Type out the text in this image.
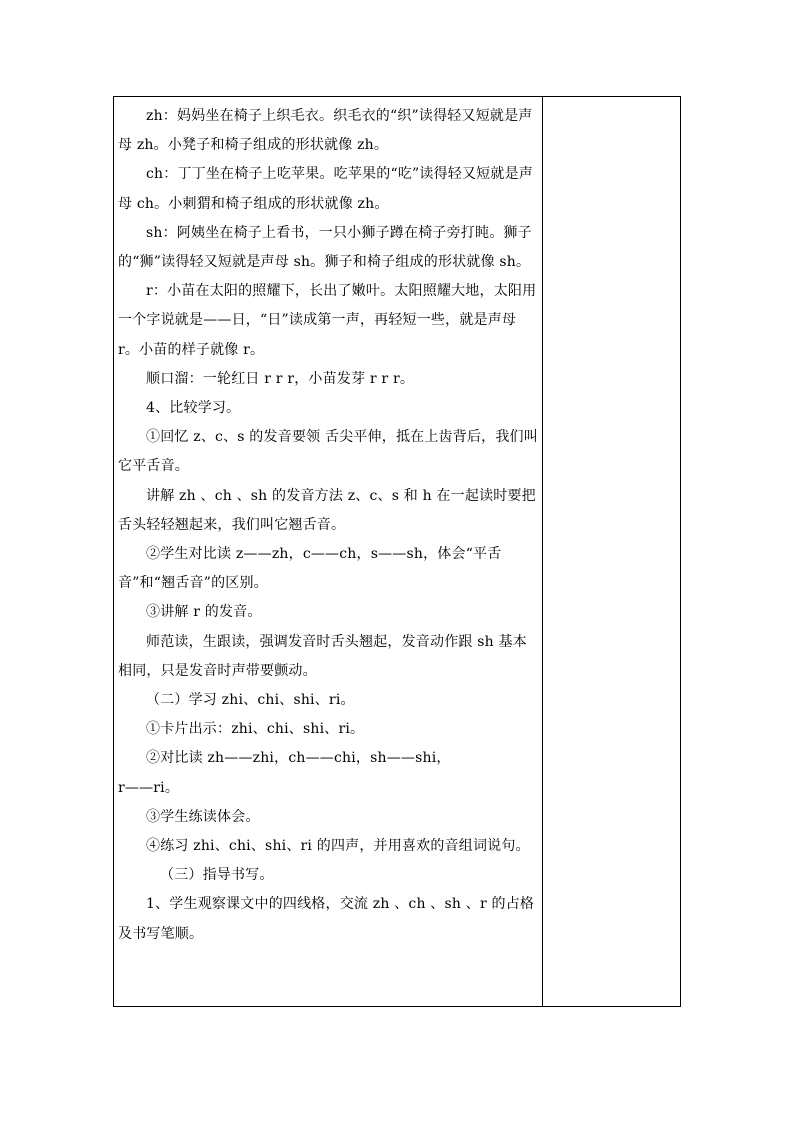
zh：妈妈坐在椅子上织毛衣。织毛衣的“织”读得轻又短就是声母 zh。小凳子和椅子组成的形状就像 zh。

ch：丁丁坐在椅子上吃苹果。吃苹果的“吃”读得轻又短就是声母 ch。小刺猬和椅子组成的形状就像 zh。

sh：阿姨坐在椅子上看书，一只小狮子蹲在椅子旁打盹。狮子的“狮”读得轻又短就是声母 sh。狮子和椅子组成的形状就像 sh。

r：小苗在太阳的照耀下，长出了嫩叶。太阳照耀大地，太阳用一个字说就是——日，“日”读成第一声，再轻短一些，就是声母 r。小苗的样子就像 r。

顺口溜：一轮红日 r r r，小苗发芽 r r r。

4、比较学习。

①回忆 z、c、s 的发音要领 舌尖平伸，抵在上齿背后，我们叫它平舌音。

讲解 zh 、ch 、sh 的发音方法 z、c、s 和 h 在一起读时要把舌头轻轻翘起来，我们叫它翘舌音。

②学生对比读 z——zh，c——ch，s——sh，体会“平舌音”和“翘舌音”的区别。

③讲解 r 的发音。

师范读，生跟读，强调发音时舌头翘起，发音动作跟 sh 基本相同，只是发音时声带要颤动。

（二）学习 zhi、chi、shi、ri。

①卡片出示：zhi、chi、shi、ri。

②对比读 zh——zhi，ch——chi，sh——shi，

r——ri。

③学生练读体会。

④练习 zhi、chi、shi、ri 的四声，并用喜欢的音组词说句。

（三）指导书写。

1、学生观察课文中的四线格，交流 zh 、ch 、sh 、r 的占格及书写笔顺。
